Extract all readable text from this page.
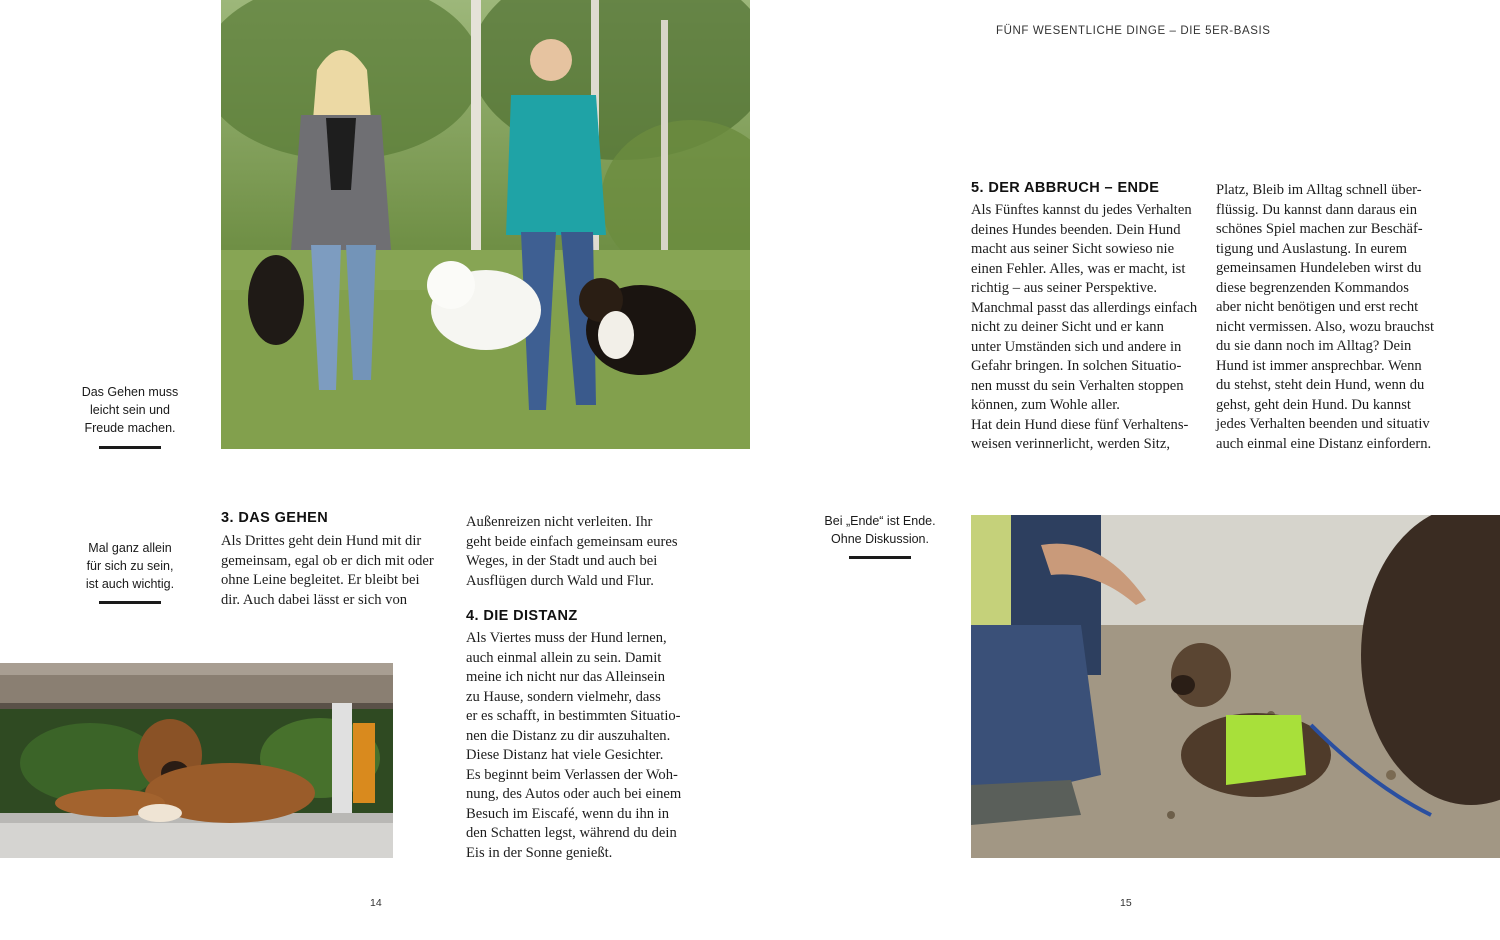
FÜNF WESENTLICHE DINGE – DIE 5ER-BASIS
Das Gehen muss
leicht sein und
Freude machen.
Mal ganz allein
für sich zu sein,
ist auch wichtig.
3. DAS GEHEN
Als Drittes geht dein Hund mit dir
gemeinsam, egal ob er dich mit oder
ohne Leine begleitet. Er bleibt bei
dir. Auch dabei lässt er sich von
Außenreizen nicht verleiten. Ihr
geht beide einfach gemeinsam eures
Weges, in der Stadt und auch bei
Ausflügen durch Wald und Flur.
4. DIE DISTANZ
Als Viertes muss der Hund lernen,
auch einmal allein zu sein. Damit
meine ich nicht nur das Alleinsein
zu Hause, sondern vielmehr, dass
er es schafft, in bestimmten Situatio-
nen die Distanz zu dir auszuhalten.
Diese Distanz hat viele Gesichter.
Es beginnt beim Verlassen der Woh-
nung, des Autos oder auch bei einem
Besuch im Eiscafé, wenn du ihn in
den Schatten legst, während du dein
Eis in der Sonne genießt.
14
5. DER ABBRUCH – ENDE
Als Fünftes kannst du jedes Verhalten
deines Hundes beenden. Dein Hund
macht aus seiner Sicht sowieso nie
einen Fehler. Alles, was er macht, ist
richtig – aus seiner Perspektive.
Manchmal passt das allerdings einfach
nicht zu deiner Sicht und er kann
unter Umständen sich und andere in
Gefahr bringen. In solchen Situatio-
nen musst du sein Verhalten stoppen
können, zum Wohle aller.
Hat dein Hund diese fünf Verhaltens-
weisen verinnerlicht, werden Sitz,
Platz, Bleib im Alltag schnell über-
flüssig. Du kannst dann daraus ein
schönes Spiel machen zur Beschäf-
tigung und Auslastung. In eurem
gemeinsamen Hundeleben wirst du
diese begrenzenden Kommandos
aber nicht benötigen und erst recht
nicht vermissen. Also, wozu brauchst
du sie dann noch im Alltag? Dein
Hund ist immer ansprechbar. Wenn
du stehst, steht dein Hund, wenn du
gehst, geht dein Hund. Du kannst
jedes Verhalten beenden und situativ
auch einmal eine Distanz einfordern.
Bei „Ende“ ist Ende.
Ohne Diskussion.
15
